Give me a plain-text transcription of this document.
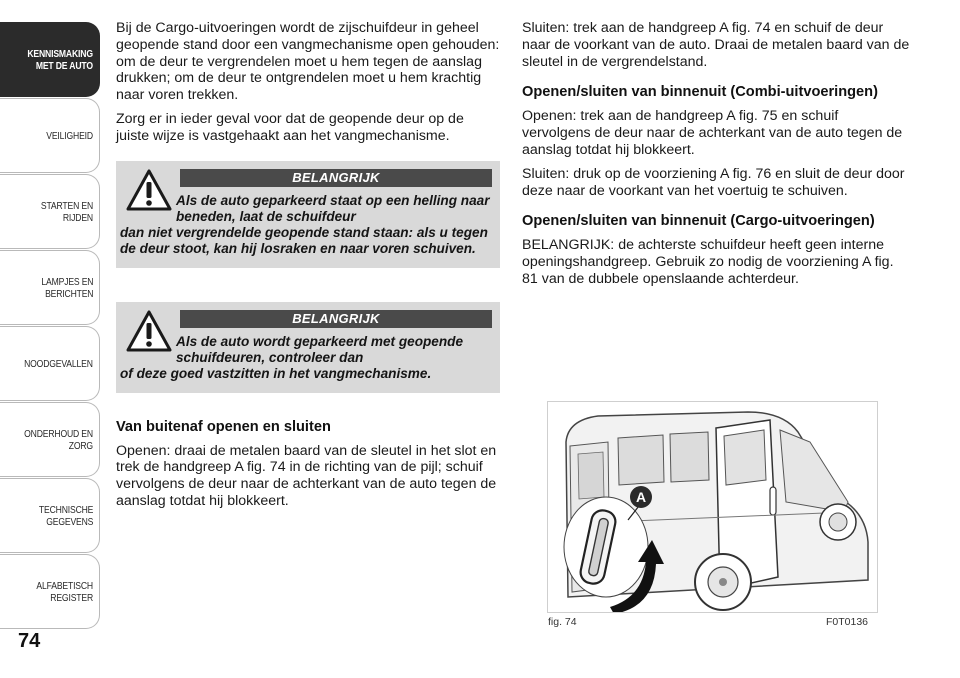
KENNISMAKING
MET DE AUTO
VEILIGHEID
STARTEN EN RIJDEN
LAMPJES EN
BERICHTEN
NOODGEVALLEN
ONDERHOUD EN
ZORG
TECHNISCHE
GEGEVENS
ALFABETISCH
REGISTER
74

Bij de Cargo-uitvoeringen wordt de zijschuifdeur in geheel geopende stand door een vangmechanisme open gehouden: om de deur te vergrendelen moet u hem tegen de aanslag drukken; om de deur te ontgrendelen moet u hem krachtig naar voren trekken.

Zorg er in ieder geval voor dat de geopende deur op de juiste wijze is vastgehaakt aan het vangmechanisme.

BELANGRIJK
Als de auto geparkeerd staat op een helling naar beneden, laat de schuifdeur
dan niet vergrendelde geopende stand staan: als u tegen de deur stoot, kan hij losraken en naar voren schuiven.
BELANGRIJK
Als de auto wordt geparkeerd met geopende schuifdeuren, controleer dan
of deze goed vastzitten in het vangmechanisme.
Van buitenaf openen en sluiten

Openen: draai de metalen baard van de sleutel in het slot en trek de handgreep A fig. 74 in de richting van de pijl; schuif vervolgens de deur naar de achterkant van de auto tegen de aanslag totdat hij blokkeert.

Sluiten: trek aan de handgreep A fig. 74 en schuif de deur naar de voorkant van de auto. Draai de metalen baard van de sleutel in de vergrendelstand.

Openen/sluiten van binnenuit (Combi-uitvoeringen)

Openen: trek aan de handgreep A fig. 75 en schuif vervolgens de deur naar de achterkant van de auto tegen de aanslag totdat hij blokkeert.

Sluiten: druk op de voorziening A fig. 76 en sluit de deur door deze naar de voorkant van het voertuig te schuiven.

Openen/sluiten van binnenuit (Cargo-uitvoeringen)

BELANGRIJK: de achterste schuifdeur heeft geen interne openingshandgreep. Gebruik zo nodig de voorziening A fig. 81 van de dubbele openslaande achterdeur.

A
fig. 74	F0T0136
